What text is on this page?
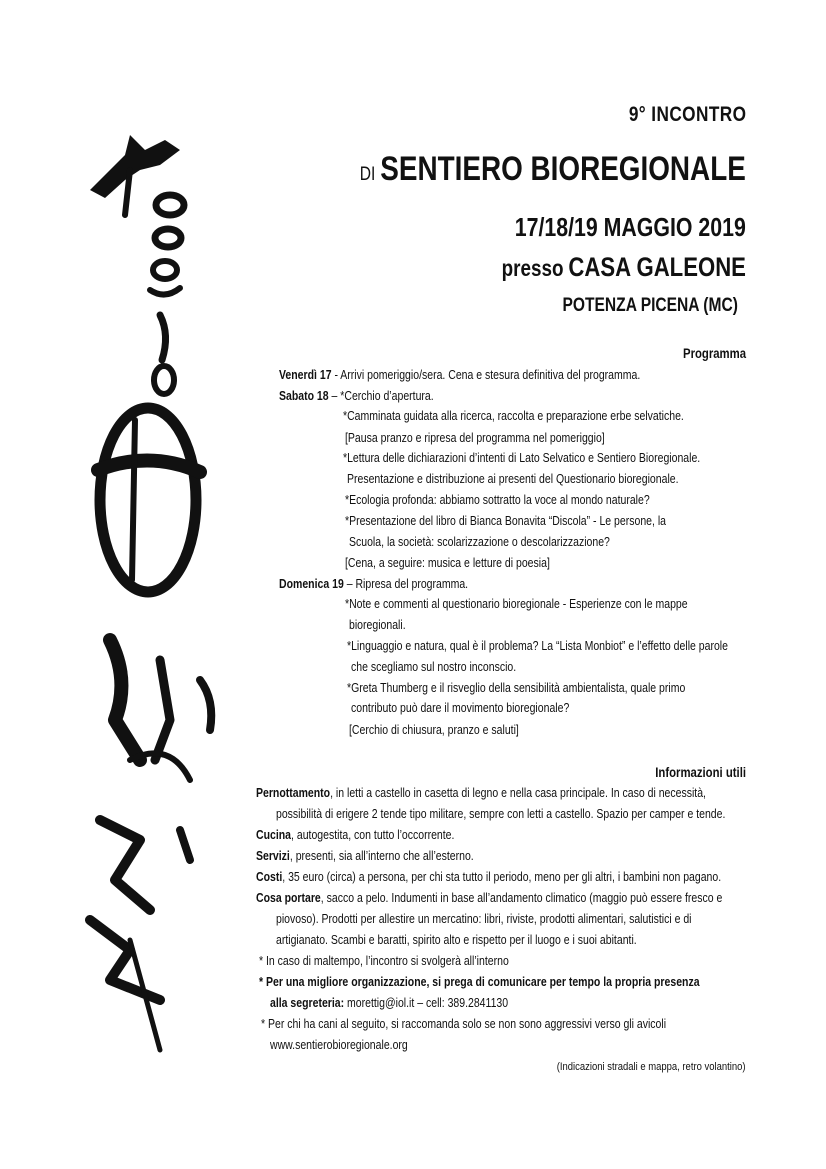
9° INCONTRO
DI SENTIERO BIOREGIONALE
17/18/19 MAGGIO 2019
presso CASA GALEONE
POTENZA PICENA (MC)
Programma
Venerdì 17 - Arrivi pomeriggio/sera. Cena e stesura definitiva del programma.
Sabato 18 – *Cerchio d’apertura.
*Camminata guidata alla ricerca, raccolta e preparazione erbe selvatiche.
[Pausa pranzo e ripresa del programma nel pomeriggio]
*Lettura delle dichiarazioni d’intenti di Lato Selvatico e Sentiero Bioregionale.
Presentazione e distribuzione ai presenti del Questionario bioregionale.
*Ecologia profonda: abbiamo sottratto la voce al mondo naturale?
*Presentazione del libro di Bianca Bonavita “Discola” - Le persone, la
Scuola, la società: scolarizzazione o descolarizzazione?
[Cena, a seguire: musica e letture di poesia]
Domenica 19 – Ripresa del programma.
*Note e commenti al questionario bioregionale - Esperienze con le mappe
bioregionali.
*Linguaggio e natura, qual è il problema? La “Lista Monbiot” e l’effetto delle parole
che scegliamo sul nostro inconscio.
*Greta Thumberg e il risveglio della sensibilità ambientalista, quale primo
contributo può dare il movimento bioregionale?
[Cerchio di chiusura, pranzo e saluti]
Informazioni utili
Pernottamento, in letti a castello in casetta di legno e nella casa principale. In caso di necessità,
possibilità di erigere 2 tende tipo militare, sempre con letti a castello. Spazio per camper e tende.
Cucina, autogestita, con tutto l’occorrente.
Servizi, presenti, sia all’interno che all’esterno.
Costi, 35 euro (circa) a persona, per chi sta tutto il periodo, meno per gli altri, i bambini non pagano.
Cosa portare, sacco a pelo. Indumenti in base all’andamento climatico (maggio può essere fresco e
piovoso). Prodotti per allestire un mercatino: libri, riviste, prodotti alimentari, salutistici e di
artigianato. Scambi e baratti, spirito alto e rispetto per il luogo e i suoi abitanti.
* In caso di maltempo, l’incontro si svolgerà all’interno
* Per una migliore organizzazione, si prega di comunicare per tempo la propria presenza
alla segreteria: morettig@iol.it – cell: 389.2841130
* Per chi ha cani al seguito, si raccomanda solo se non sono aggressivi verso gli avicoli
www.sentierobioregionale.org
(Indicazioni stradali e mappa, retro volantino)
